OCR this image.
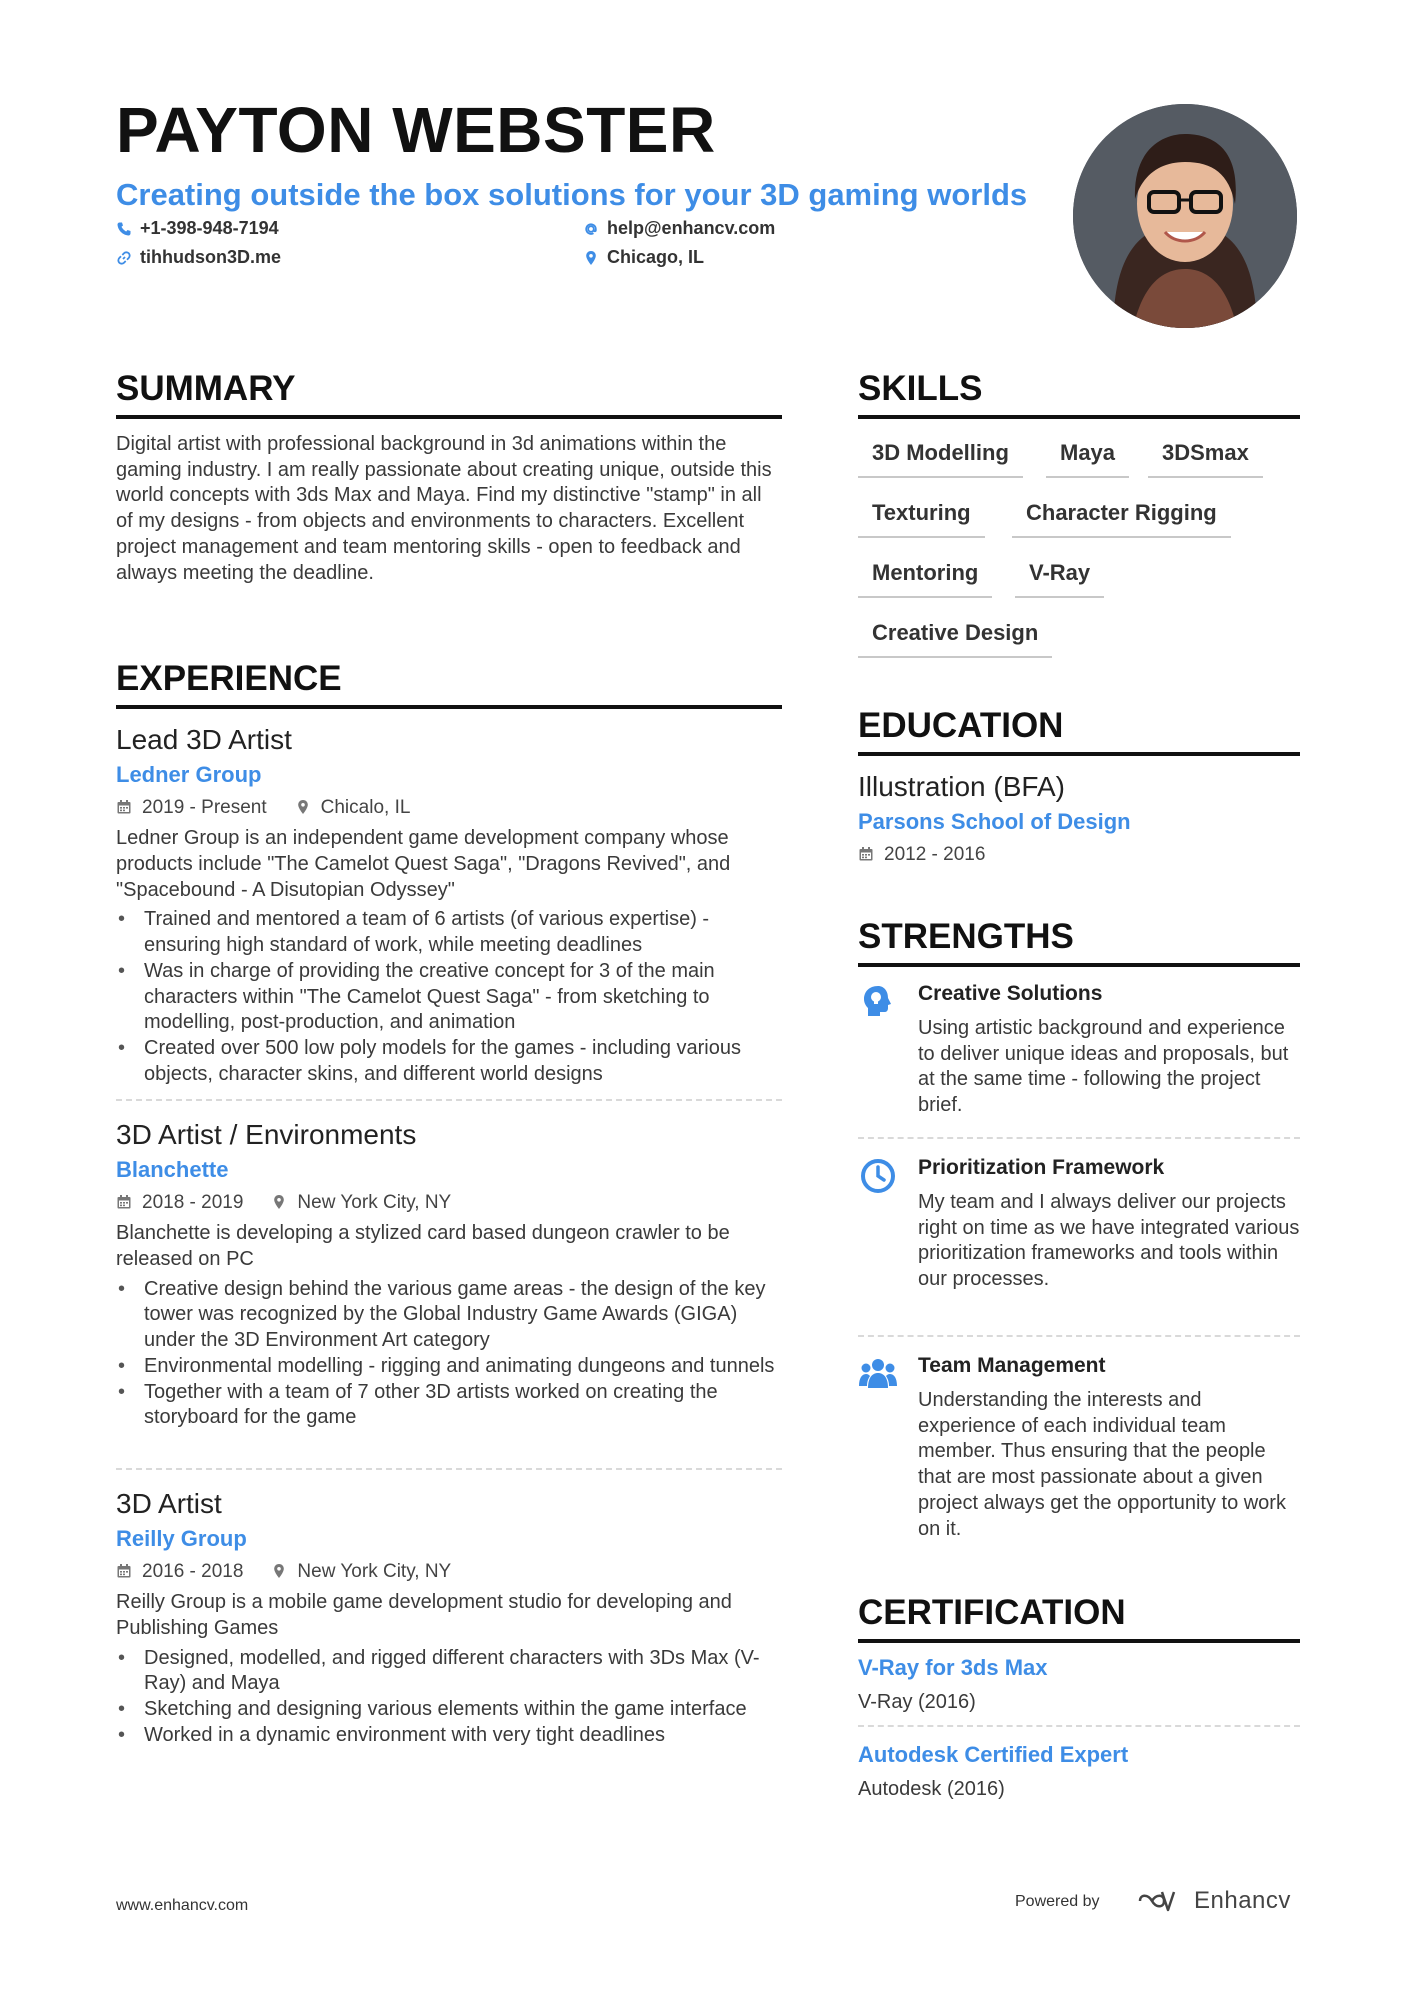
PAYTON WEBSTER
Creating outside the box solutions for your 3D gaming worlds
+1-398-948-7194	help@enhancv.com
tihhudson3D.me	Chicago, IL
SUMMARY
Digital artist with professional background in 3d animations within the gaming industry. I am really passionate about creating unique, outside this world concepts with 3ds Max and Maya. Find my distinctive "stamp" in all of my designs - from objects and environments to characters. Excellent project management and team mentoring skills - open to feedback and always meeting the deadline.
EXPERIENCE
Lead 3D Artist
Ledner Group
2019 - Present	Chicalo, IL
Ledner Group is an independent game development company whose products include "The Camelot Quest Saga", "Dragons Revived", and "Spacebound - A Disutopian Odyssey"
• Trained and mentored a team of 6 artists (of various expertise) - ensuring high standard of work, while meeting deadlines
• Was in charge of providing the creative concept for 3 of the main characters within "The Camelot Quest Saga" - from sketching to modelling, post-production, and animation
• Created over 500 low poly models for the games - including various objects, character skins, and different world designs
3D Artist / Environments
Blanchette
2018 - 2019	New York City, NY
Blanchette is developing a stylized card based dungeon crawler to be released on PC
• Creative design behind the various game areas - the design of the key tower was recognized by the Global Industry Game Awards (GIGA) under the 3D Environment Art category
• Environmental modelling - rigging and animating dungeons and tunnels
• Together with a team of 7 other 3D artists worked on creating the storyboard for the game
3D Artist
Reilly Group
2016 - 2018	New York City, NY
Reilly Group is a mobile game development studio for developing and Publishing Games
• Designed, modelled, and rigged different characters with 3Ds Max (V-Ray) and Maya
• Sketching and designing various elements within the game interface
• Worked in a dynamic environment with very tight deadlines
SKILLS
3D Modelling	Maya	3DSmax
Texturing	Character Rigging
Mentoring	V-Ray
Creative Design
EDUCATION
Illustration (BFA)
Parsons School of Design
2012 - 2016
STRENGTHS
Creative Solutions
Using artistic background and experience to deliver unique ideas and proposals, but at the same time - following the project brief.
Prioritization Framework
My team and I always deliver our projects right on time as we have integrated various prioritization frameworks and tools within our processes.
Team Management
Understanding the interests and experience of each individual team member. Thus ensuring that the people that are most passionate about a given project always get the opportunity to work on it.
CERTIFICATION
V-Ray for 3ds Max
V-Ray (2016)
Autodesk Certified Expert
Autodesk (2016)
www.enhancv.com	Powered by	Enhancv
